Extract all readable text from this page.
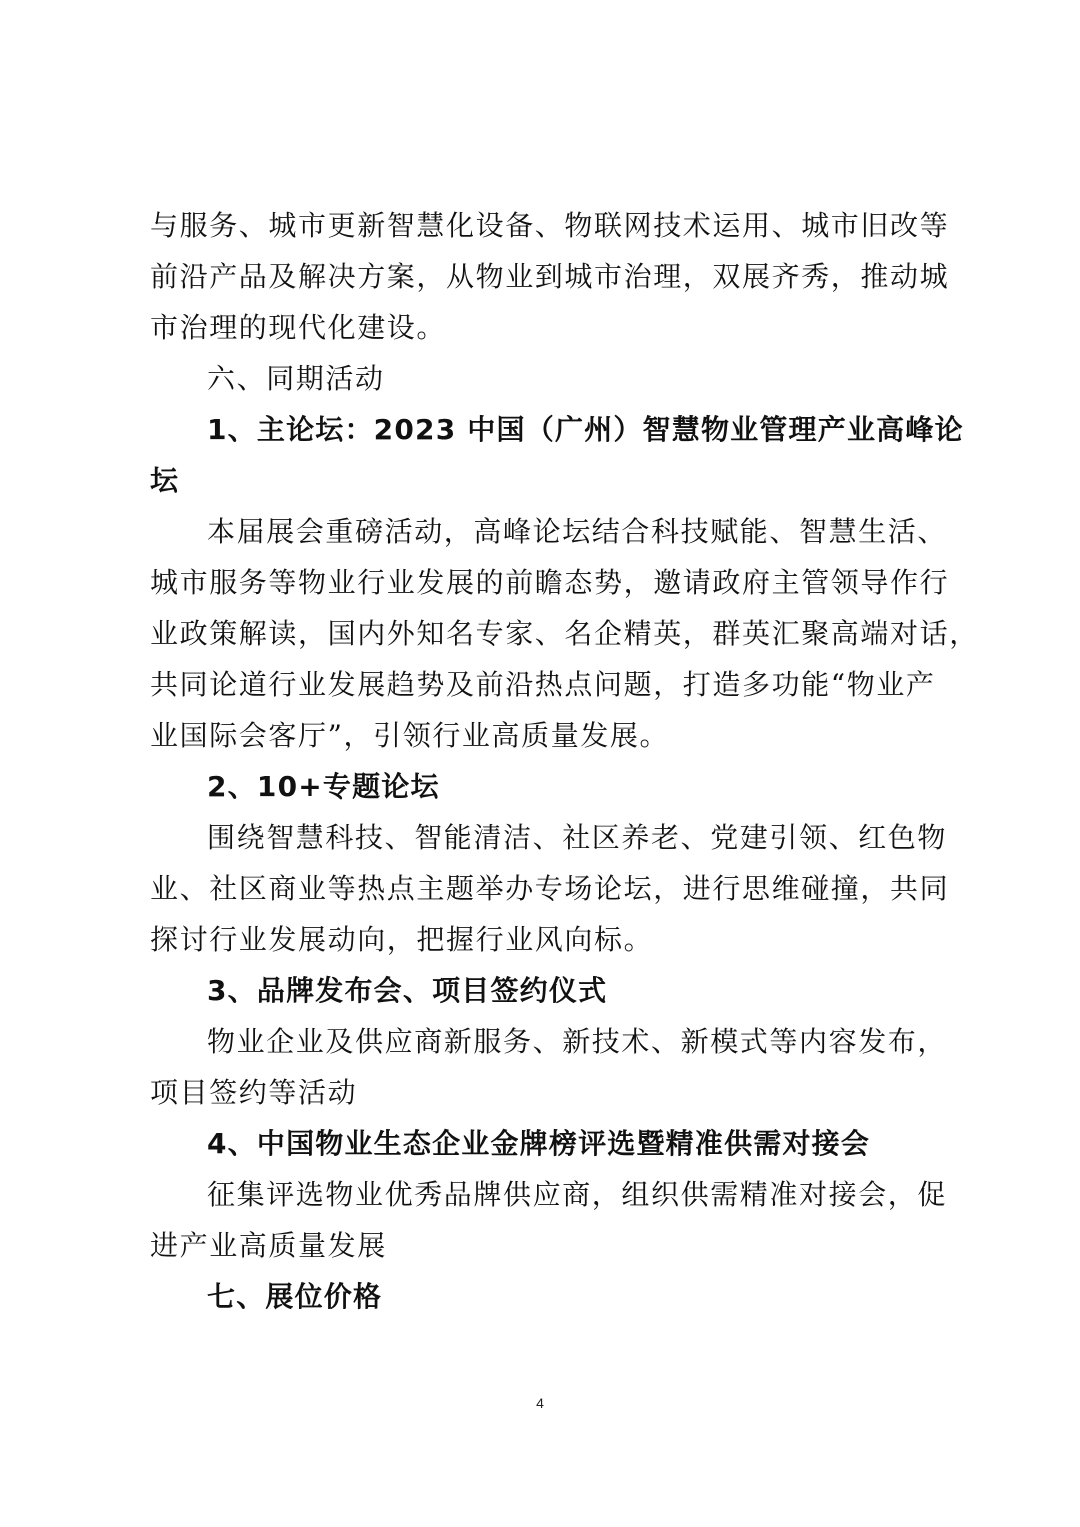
与服务、城市更新智慧化设备、物联网技术运用、城市旧改等
前沿产品及解决方案，从物业到城市治理，双展齐秀，推动城
市治理的现代化建设。
六、同期活动
1、主论坛：2023 中国（广州）智慧物业管理产业高峰论
坛
本届展会重磅活动，高峰论坛结合科技赋能、智慧生活、
城市服务等物业行业发展的前瞻态势，邀请政府主管领导作行
业政策解读，国内外知名专家、名企精英，群英汇聚高端对话，
共同论道行业发展趋势及前沿热点问题，打造多功能“物业产
业国际会客厅”，引领行业高质量发展。
2、10+专题论坛
围绕智慧科技、智能清洁、社区养老、党建引领、红色物
业、社区商业等热点主题举办专场论坛，进行思维碰撞，共同
探讨行业发展动向，把握行业风向标。
3、品牌发布会、项目签约仪式
物业企业及供应商新服务、新技术、新模式等内容发布，
项目签约等活动
4、中国物业生态企业金牌榜评选暨精准供需对接会
征集评选物业优秀品牌供应商，组织供需精准对接会，促
进产业高质量发展
七、展位价格
4
